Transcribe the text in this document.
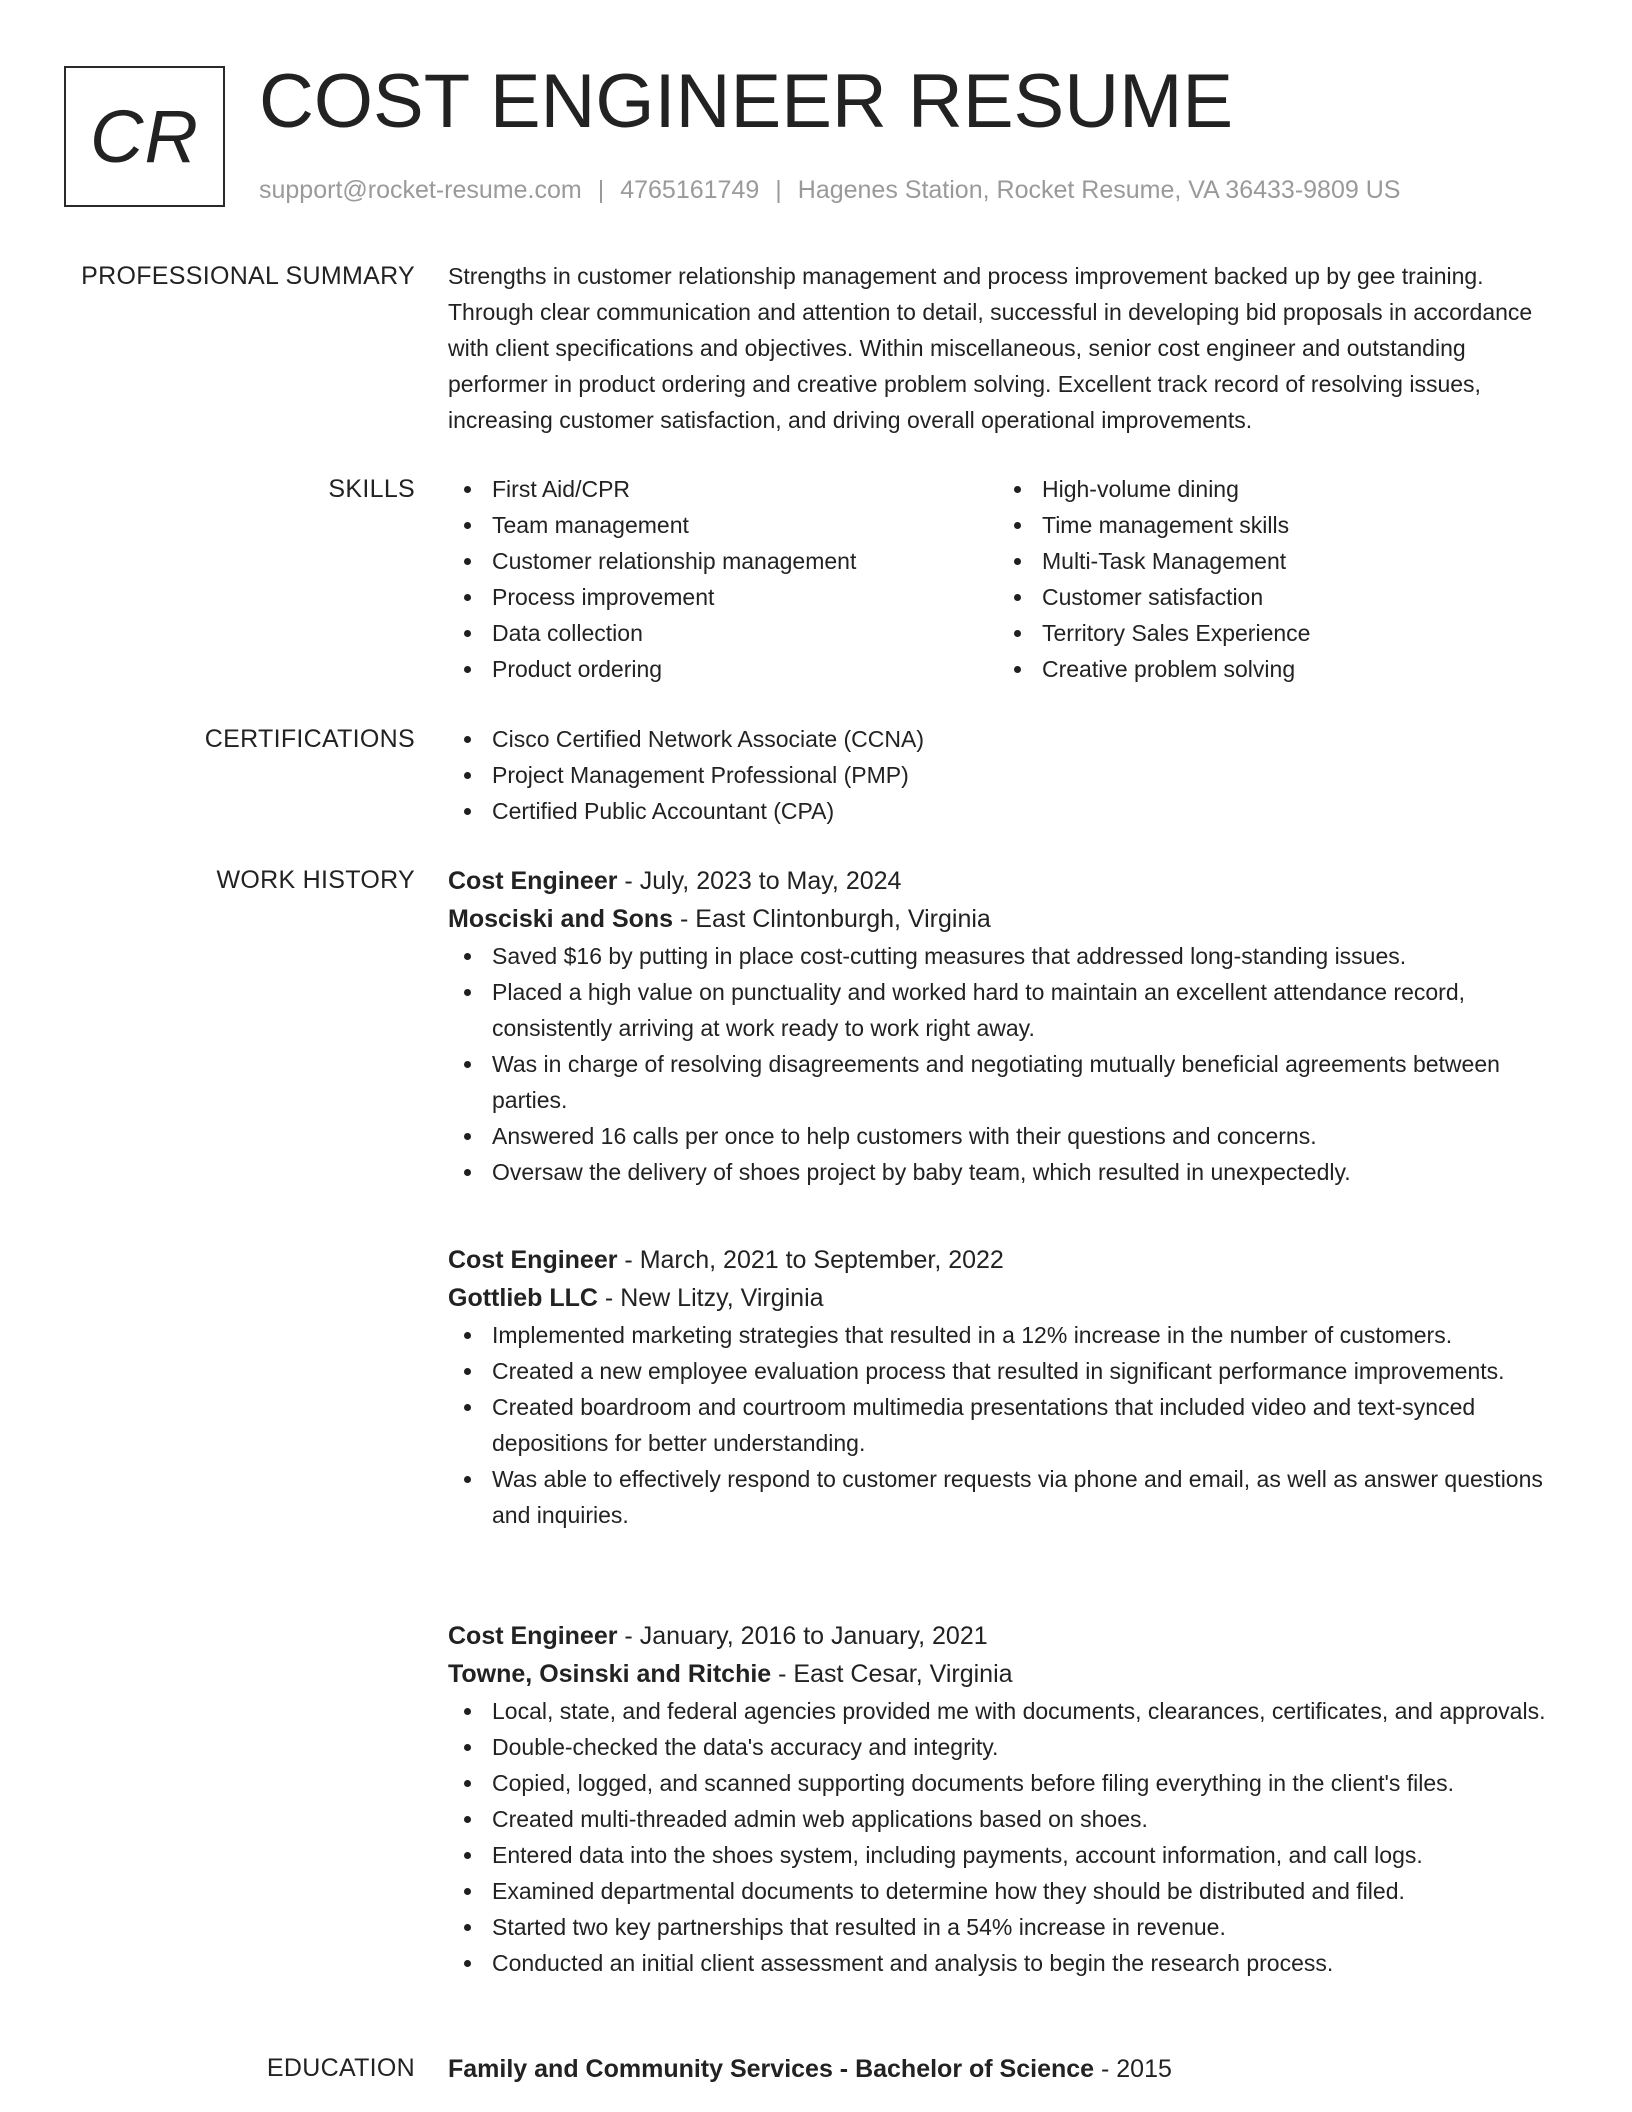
CR COST ENGINEER RESUME
support@rocket-resume.com | 4765161749 | Hagenes Station, Rocket Resume, VA 36433-9809 US
PROFESSIONAL SUMMARY Strengths in customer relationship management and process improvement backed up by gee training. Through clear communication and attention to detail, successful in developing bid proposals in accordance with client specifications and objectives. Within miscellaneous, senior cost engineer and outstanding performer in product ordering and creative problem solving. Excellent track record of resolving issues, increasing customer satisfaction, and driving overall operational improvements.

SKILLS	First Aid/CPR
Team management
Customer relationship management
Process improvement
Data collection
Product ordering
High-volume dining
Time management skills
Multi-Task Management
Customer satisfaction
Territory Sales Experience
Creative problem solving
CERTIFICATIONS	Cisco Certified Network Associate (CCNA)
Project Management Professional (PMP)
Certified Public Accountant (CPA)
WORK HISTORY Cost Engineer - July, 2023 to May, 2024
Mosciski and Sons - East Clintonburgh, Virginia
Saved $16 by putting in place cost-cutting measures that addressed long-standing issues.
Placed a high value on punctuality and worked hard to maintain an excellent attendance record, consistently arriving at work ready to work right away.
Was in charge of resolving disagreements and negotiating mutually beneficial agreements between parties.
Answered 16 calls per once to help customers with their questions and concerns.
Oversaw the delivery of shoes project by baby team, which resulted in unexpectedly.
Cost Engineer - March, 2021 to September, 2022
Gottlieb LLC - New Litzy, Virginia
Implemented marketing strategies that resulted in a 12% increase in the number of customers.
Created a new employee evaluation process that resulted in significant performance improvements.
Created boardroom and courtroom multimedia presentations that included video and text-synced depositions for better understanding.
Was able to effectively respond to customer requests via phone and email, as well as answer questions and inquiries.
Cost Engineer - January, 2016 to January, 2021
Towne, Osinski and Ritchie - East Cesar, Virginia
Local, state, and federal agencies provided me with documents, clearances, certificates, and approvals.
Double-checked the data's accuracy and integrity.
Copied, logged, and scanned supporting documents before filing everything in the client's files.
Created multi-threaded admin web applications based on shoes.
Entered data into the shoes system, including payments, account information, and call logs.
Examined departmental documents to determine how they should be distributed and filed.
Started two key partnerships that resulted in a 54% increase in revenue.
Conducted an initial client assessment and analysis to begin the research process.
EDUCATION Family and Community Services - Bachelor of Science - 2015
